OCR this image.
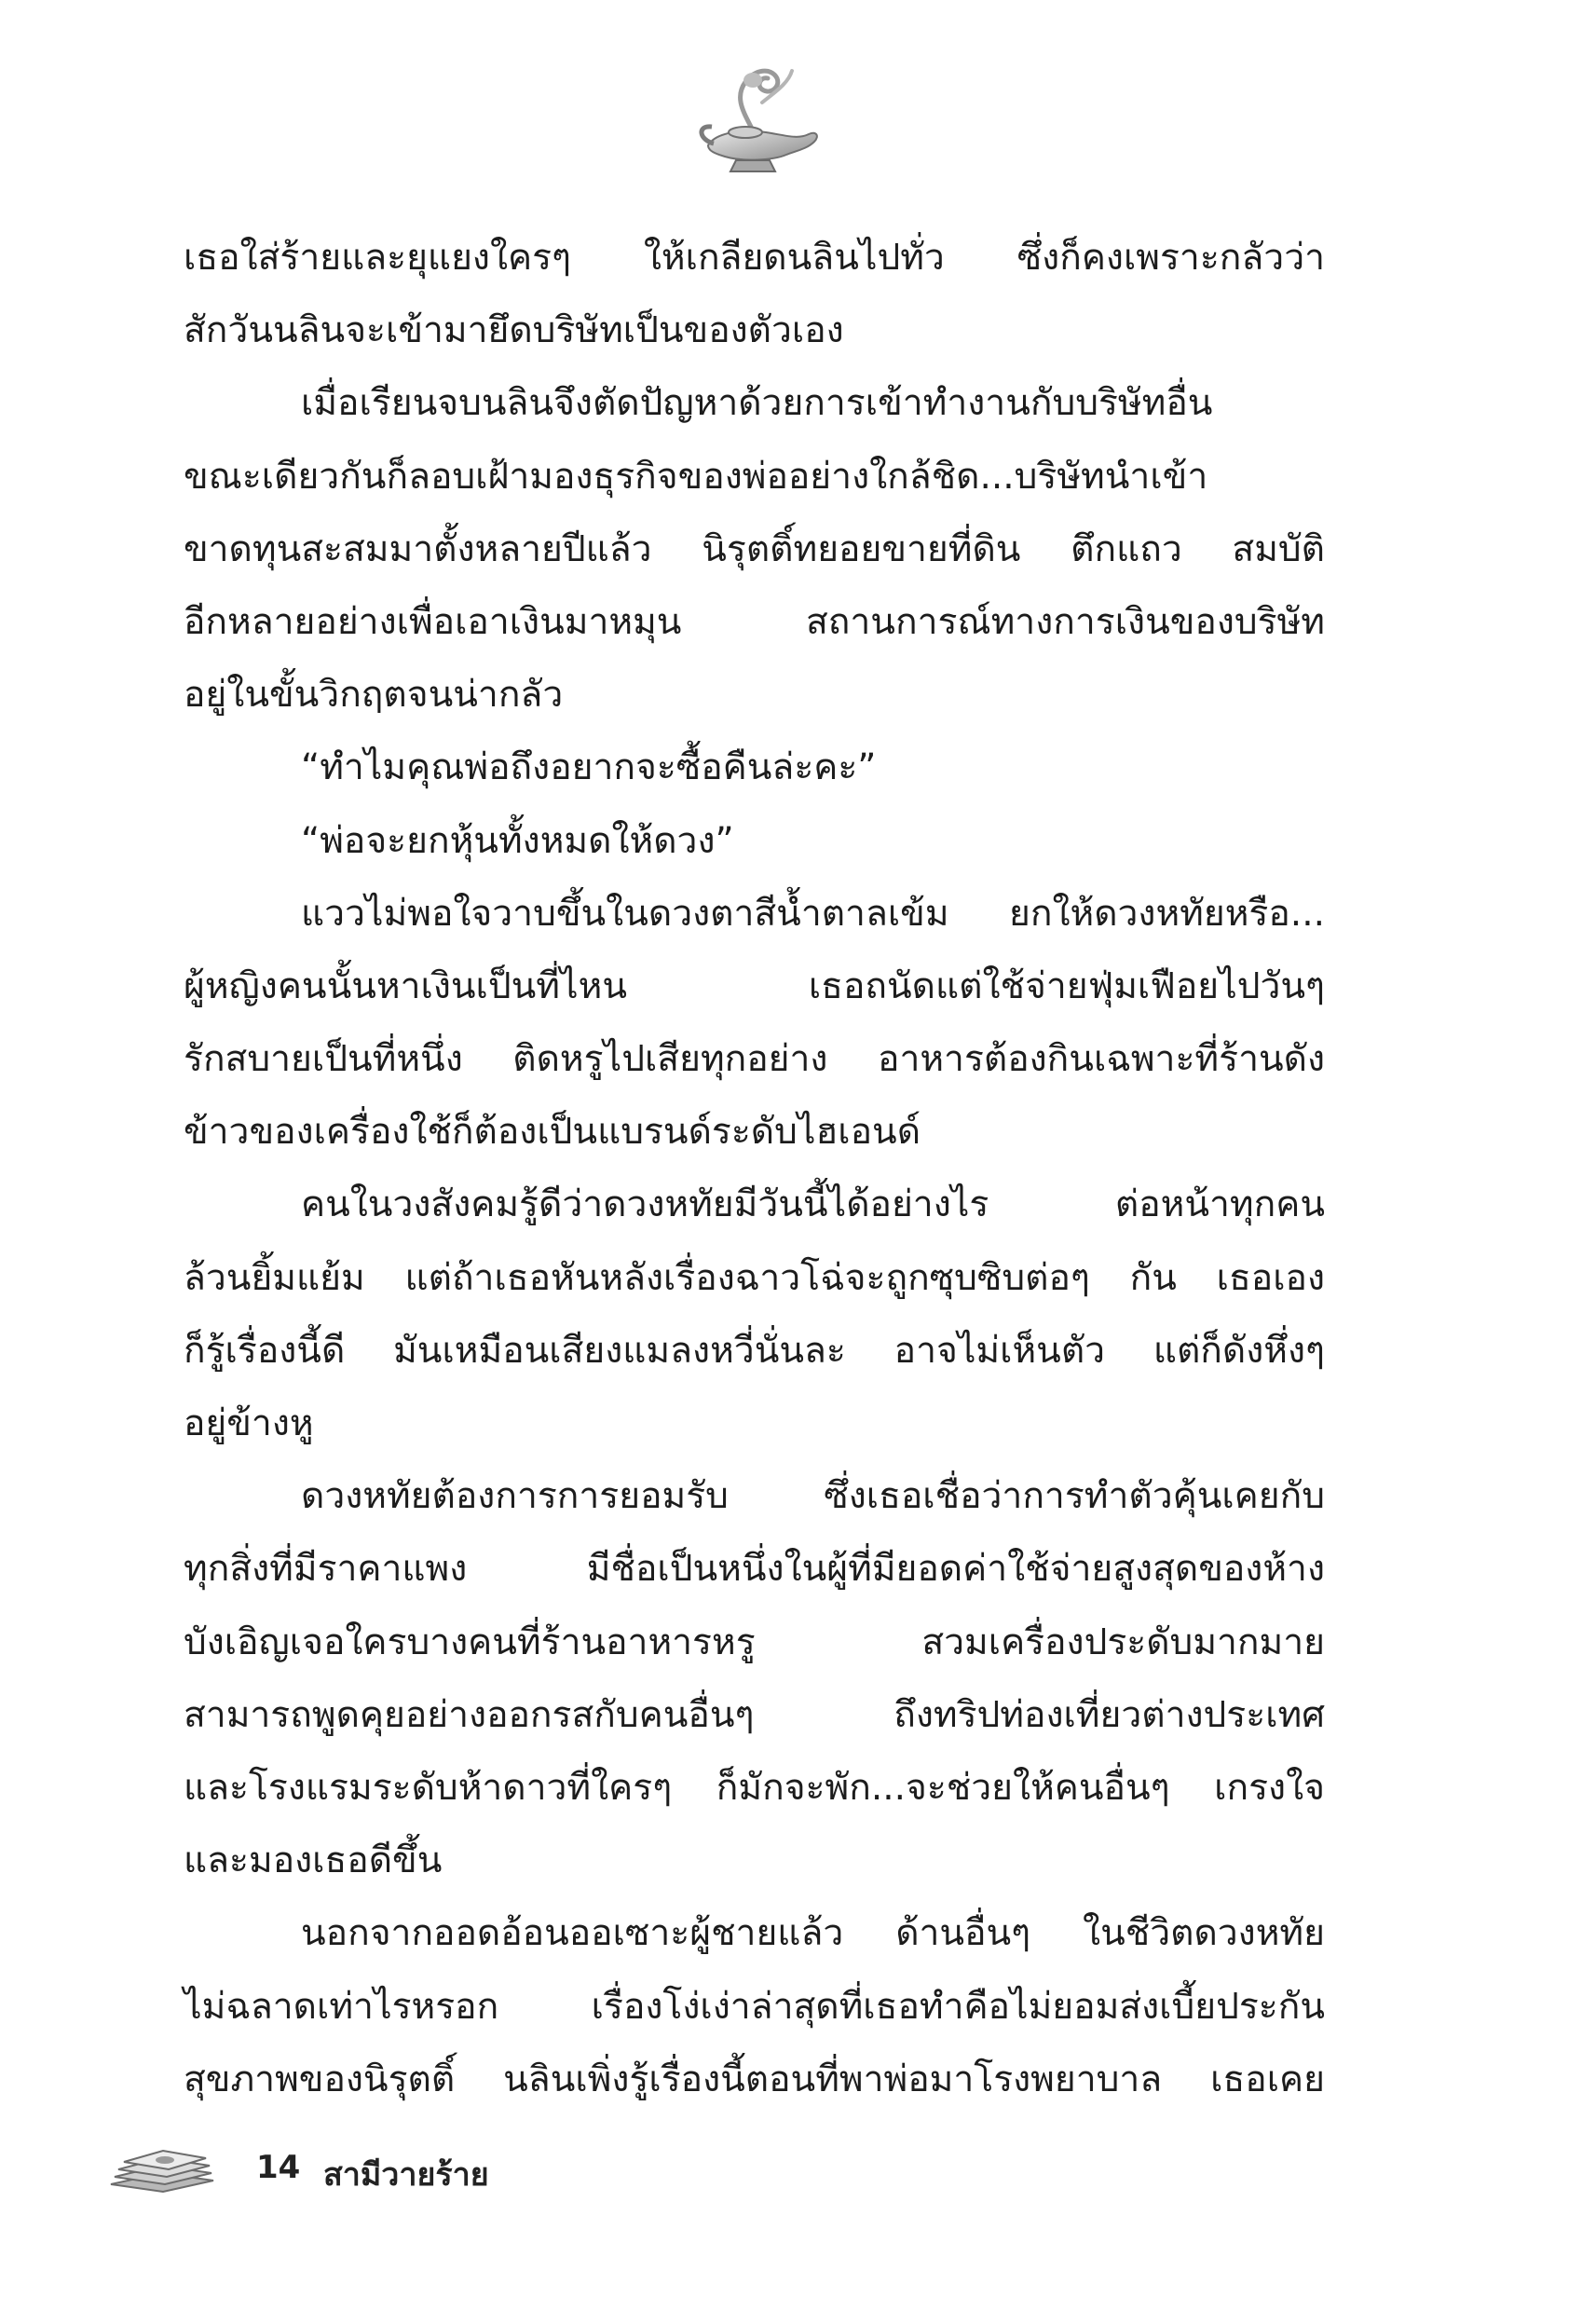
เธอใส่ร้ายและยุแยงใครๆ ให้เกลียดนลินไปทั่ว ซึ่งก็คงเพราะกลัวว่า
สักวันนลินจะเข้ามายึดบริษัทเป็นของตัวเอง
เมื่อเรียนจบนลินจึงตัดปัญหาด้วยการเข้าทำงานกับบริษัทอื่น
ขณะเดียวกันก็ลอบเฝ้ามองธุรกิจของพ่ออย่างใกล้ชิด...บริษัทนำเข้า
ขาดทุนสะสมมาตั้งหลายปีแล้ว นิรุตติ์ทยอยขายที่ดิน ตึกแถว สมบัติ
อีกหลายอย่างเพื่อเอาเงินมาหมุน สถานการณ์ทางการเงินของบริษัท
อยู่ในขั้นวิกฤตจนน่ากลัว
“ทำไมคุณพ่อถึงอยากจะซื้อคืนล่ะคะ”
“พ่อจะยกหุ้นทั้งหมดให้ดวง”
แววไม่พอใจวาบขึ้นในดวงตาสีน้ำตาลเข้ม ยกให้ดวงหทัยหรือ...
ผู้หญิงคนนั้นหาเงินเป็นที่ไหน เธอถนัดแต่ใช้จ่ายฟุ่มเฟือยไปวันๆ
รักสบายเป็นที่หนึ่ง ติดหรูไปเสียทุกอย่าง อาหารต้องกินเฉพาะที่ร้านดัง
ข้าวของเครื่องใช้ก็ต้องเป็นแบรนด์ระดับไฮเอนด์
คนในวงสังคมรู้ดีว่าดวงหทัยมีวันนี้ได้อย่างไร ต่อหน้าทุกคน
ล้วนยิ้มแย้ม แต่ถ้าเธอหันหลังเรื่องฉาวโฉ่จะถูกซุบซิบต่อๆ กัน เธอเอง
ก็รู้เรื่องนี้ดี มันเหมือนเสียงแมลงหวี่นั่นละ อาจไม่เห็นตัว แต่ก็ดังหึ่งๆ
อยู่ข้างหู
ดวงหทัยต้องการการยอมรับ ซึ่งเธอเชื่อว่าการทำตัวคุ้นเคยกับ
ทุกสิ่งที่มีราคาแพง มีชื่อเป็นหนึ่งในผู้ที่มียอดค่าใช้จ่ายสูงสุดของห้าง
บังเอิญเจอใครบางคนที่ร้านอาหารหรู สวมเครื่องประดับมากมาย
สามารถพูดคุยอย่างออกรสกับคนอื่นๆ ถึงทริปท่องเที่ยวต่างประเทศ
และโรงแรมระดับห้าดาวที่ใครๆ ก็มักจะพัก...จะช่วยให้คนอื่นๆ เกรงใจ
และมองเธอดีขึ้น
นอกจากออดอ้อนออเซาะผู้ชายแล้ว ด้านอื่นๆ ในชีวิตดวงหทัย
ไม่ฉลาดเท่าไรหรอก เรื่องโง่เง่าล่าสุดที่เธอทำคือไม่ยอมส่งเบี้ยประกัน
สุขภาพของนิรุตติ์ นลินเพิ่งรู้เรื่องนี้ตอนที่พาพ่อมาโรงพยาบาล เธอเคย
14 สามีวายร้าย
